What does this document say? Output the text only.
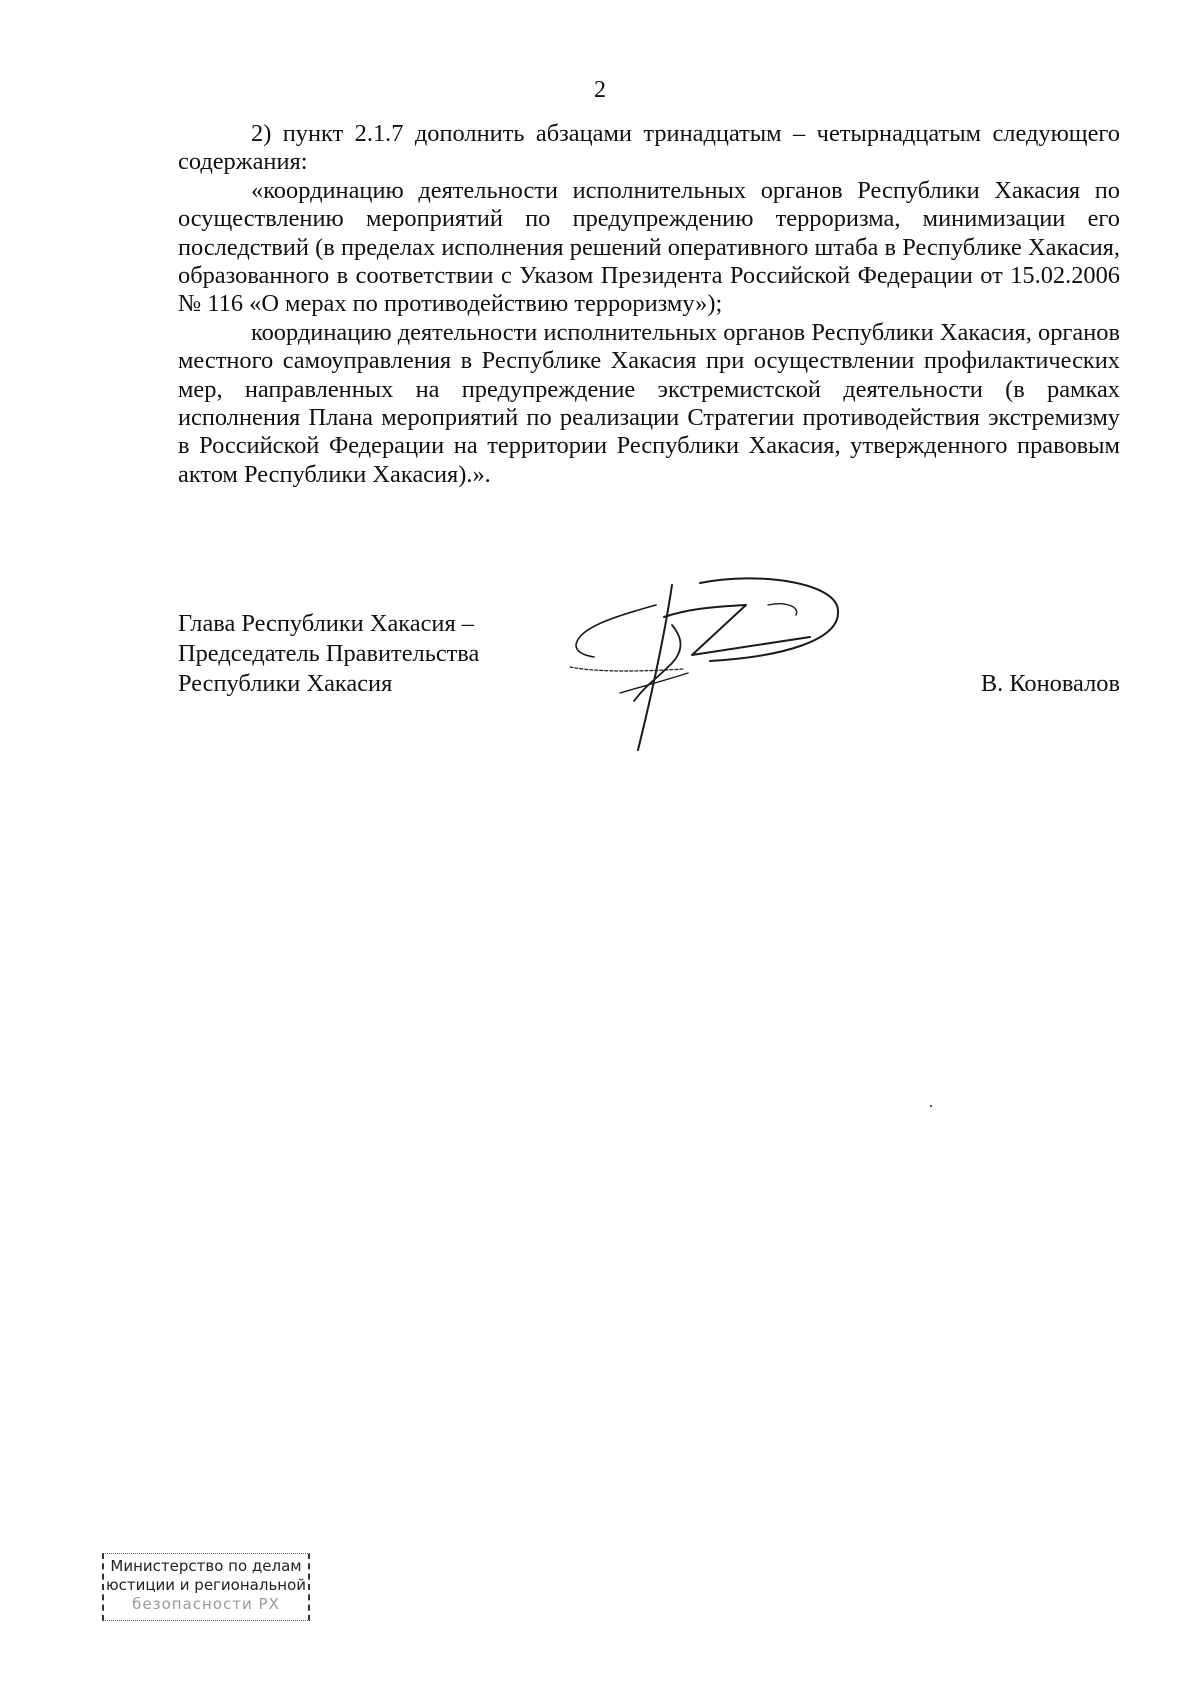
2

2) пункт 2.1.7 дополнить абзацами тринадцатым – четырнадцатым следующего содержания:

«координацию деятельности исполнительных органов Республики Хакасия по осуществлению мероприятий по предупреждению терроризма, минимизации его последствий (в пределах исполнения решений оперативного штаба в Республике Хакасия, образованного в соответствии с Указом Президента Российской Федерации от 15.02.2006 № 116 «О мерах по противодействию терроризму»);

координацию деятельности исполнительных органов Республики Хакасия, органов местного самоуправления в Республике Хакасия при осуществлении профилактических мер, направленных на предупреждение экстремистской деятельности (в рамках исполнения Плана мероприятий по реализации Стратегии противодействия экстремизму в Российской Федерации на территории Республики Хакасия, утвержденного правовым актом Республики Хакасия).».

Глава Республики Хакасия –
Председатель Правительства
Республики Хакасия	В. Коновалов
Министерство по делам
юстиции и региональной
безопасности РХ
